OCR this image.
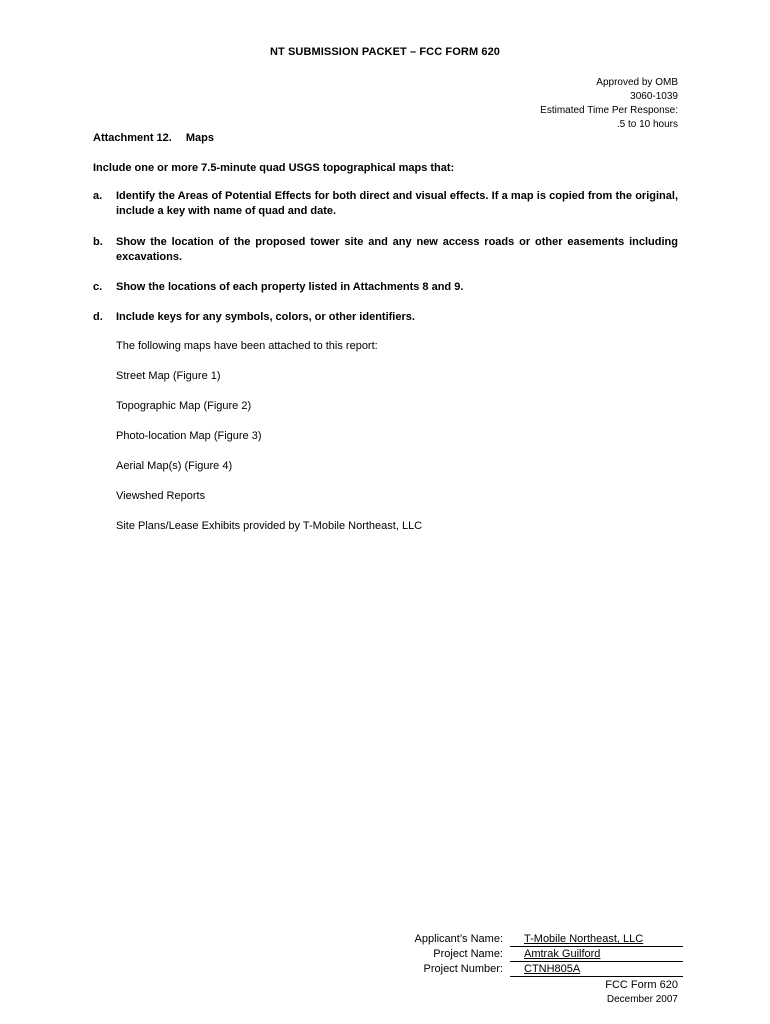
NT SUBMISSION PACKET – FCC FORM 620
Approved by OMB
3060-1039
Estimated Time Per Response:
.5 to 10 hours
Attachment 12. Maps
Include one or more 7.5-minute quad USGS topographical maps that:
a.	Identify the Areas of Potential Effects for both direct and visual effects. If a map is copied from the original, include a key with name of quad and date.
b.	Show the location of the proposed tower site and any new access roads or other easements including excavations.
c.	Show the locations of each property listed in Attachments 8 and 9.
d.	Include keys for any symbols, colors, or other identifiers.
The following maps have been attached to this report:
Street Map (Figure 1)
Topographic Map (Figure 2)
Photo-location Map (Figure 3)
Aerial Map(s) (Figure 4)
Viewshed Reports
Site Plans/Lease Exhibits provided by T-Mobile Northeast, LLC
Applicant’s Name:	T-Mobile Northeast, LLC
Project Name:	Amtrak Guilford
Project Number:	CTNH805A
FCC Form 620
December 2007
